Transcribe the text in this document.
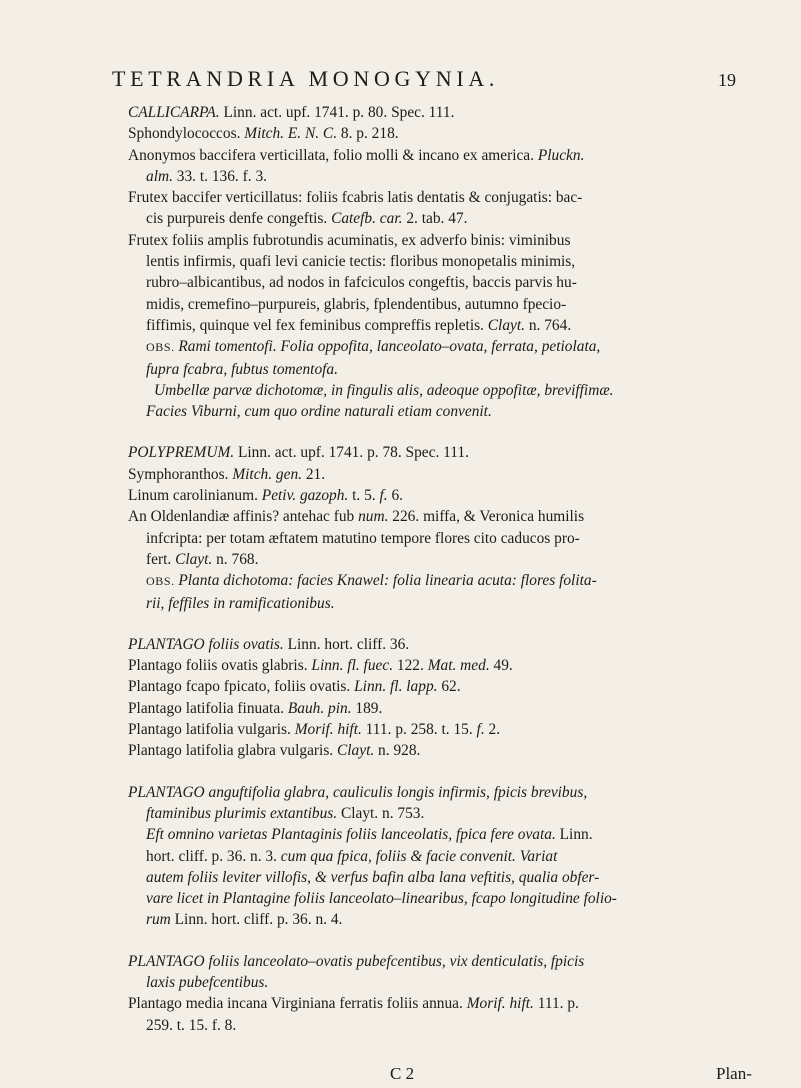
TETRANDRIA MONOGYNIA.	19
CALLICARPA. Linn. act. upf. 1741. p. 80. Spec. 111.
Sphondylococcos. Mitch. E. N. C. 8. p. 218.
Anonymos baccifera verticillata, folio molli & incano ex america. Pluckn.
alm. 33. t. 136. f. 3.
Frutex baccifer verticillatus: foliis fcabris latis dentatis & conjugatis: bac-
cis purpureis denfe congeftis. Catefb. car. 2. tab. 47.
Frutex foliis amplis fubrotundis acuminatis, ex adverfo binis: viminibus
lentis infirmis, quafi levi canicie tectis: floribus monopetalis minimis,
rubro–albicantibus, ad nodos in fafciculos congeftis, baccis parvis hu-
midis, cremefino–purpureis, glabris, fplendentibus, autumno fpecio-
fiffimis, quinque vel fex feminibus compreffis repletis. Clayt. n. 764.
OBS. Rami tomentofi. Folia oppofita, lanceolato–ovata, ferrata, petiolata,
fupra fcabra, fubtus tomentofa.
Umbellæ parvæ dichotomæ, in fingulis alis, adeoque oppofitæ, breviffimæ.
Facies Viburni, cum quo ordine naturali etiam convenit.
POLYPREMUM. Linn. act. upf. 1741. p. 78. Spec. 111.
Symphoranthos. Mitch. gen. 21.
Linum carolinianum. Petiv. gazoph. t. 5. f. 6.
An Oldenlandiæ affinis? antehac fub num. 226. miffa, & Veronica humilis
infcripta: per totam æftatem matutino tempore flores cito caducos pro-
fert. Clayt. n. 768.
OBS. Planta dichotoma: facies Knawel: folia linearia acuta: flores folita-
rii, feffiles in ramificationibus.
PLANTAGO foliis ovatis. Linn. hort. cliff. 36.
Plantago foliis ovatis glabris. Linn. fl. fuec. 122. Mat. med. 49.
Plantago fcapo fpicato, foliis ovatis. Linn. fl. lapp. 62.
Plantago latifolia finuata. Bauh. pin. 189.
Plantago latifolia vulgaris. Morif. hift. 111. p. 258. t. 15. f. 2.
Plantago latifolia glabra vulgaris. Clayt. n. 928.
PLANTAGO anguftifolia glabra, cauliculis longis infirmis, fpicis brevibus,
ftaminibus plurimis extantibus. Clayt. n. 753.
Eft omnino varietas Plantaginis foliis lanceolatis, fpica fere ovata. Linn.
hort. cliff. p. 36. n. 3. cum qua fpica, foliis & facie convenit. Variat
autem foliis leviter villofis, & verfus bafin alba lana veftitis, qualia obfer-
vare licet in Plantagine foliis lanceolato–linearibus, fcapo longitudine folio-
rum Linn. hort. cliff. p. 36. n. 4.
PLANTAGO foliis lanceolato–ovatis pubefcentibus, vix denticulatis, fpicis
laxis pubefcentibus.
Plantago media incana Virginiana ferratis foliis annua. Morif. hift. 111. p.
259. t. 15. f. 8.
C 2	Plan-
